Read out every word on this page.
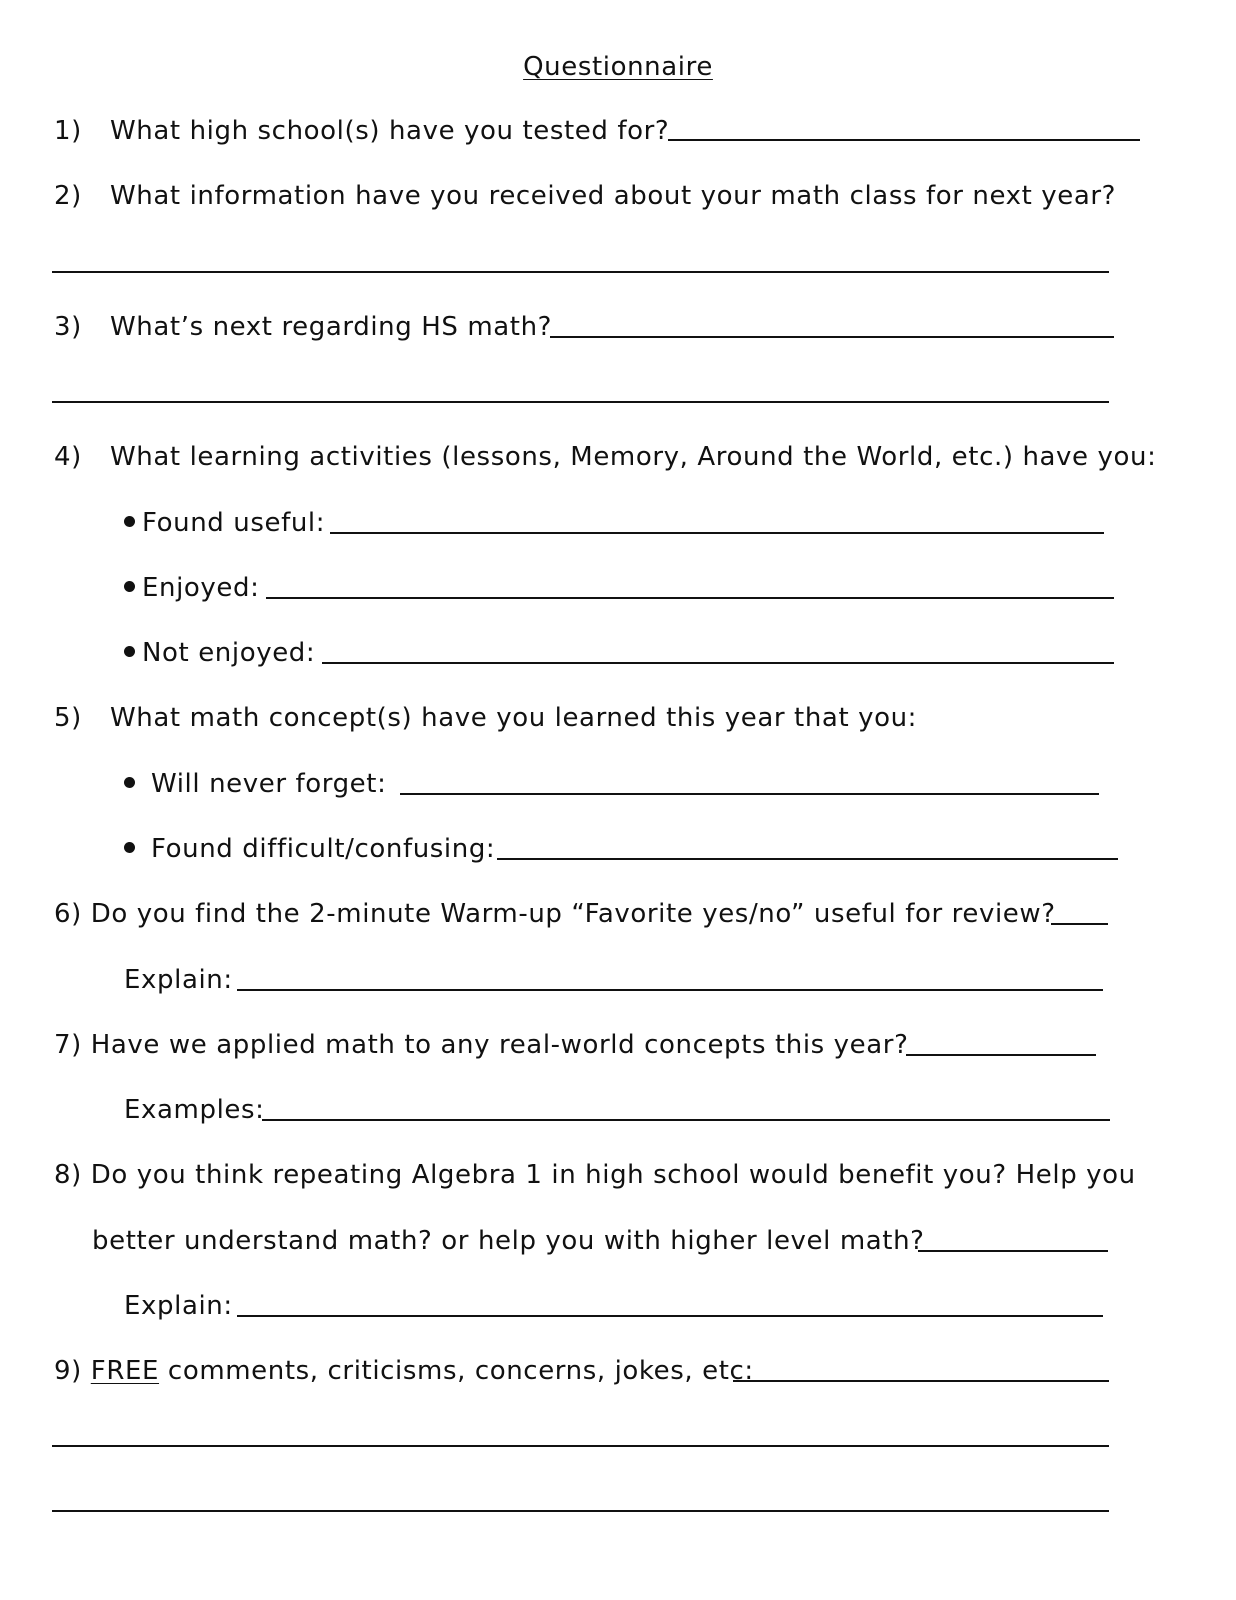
Questionnaire
1) What high school(s) have you tested for?
2) What information have you received about your math class for next year?
3) What’s next regarding HS math?
4) What learning activities (lessons, Memory, Around the World, etc.) have you:
Found useful:
Enjoyed:
Not enjoyed:
5) What math concept(s) have you learned this year that you:
Will never forget:
Found difficult/confusing:
6) Do you find the 2-minute Warm-up “Favorite yes/no” useful for review?
Explain:
7) Have we applied math to any real-world concepts this year?
Examples:
8) Do you think repeating Algebra 1 in high school would benefit you? Help you
better understand math? or help you with higher level math?
Explain:
9) FREE comments, criticisms, concerns, jokes, etc:
